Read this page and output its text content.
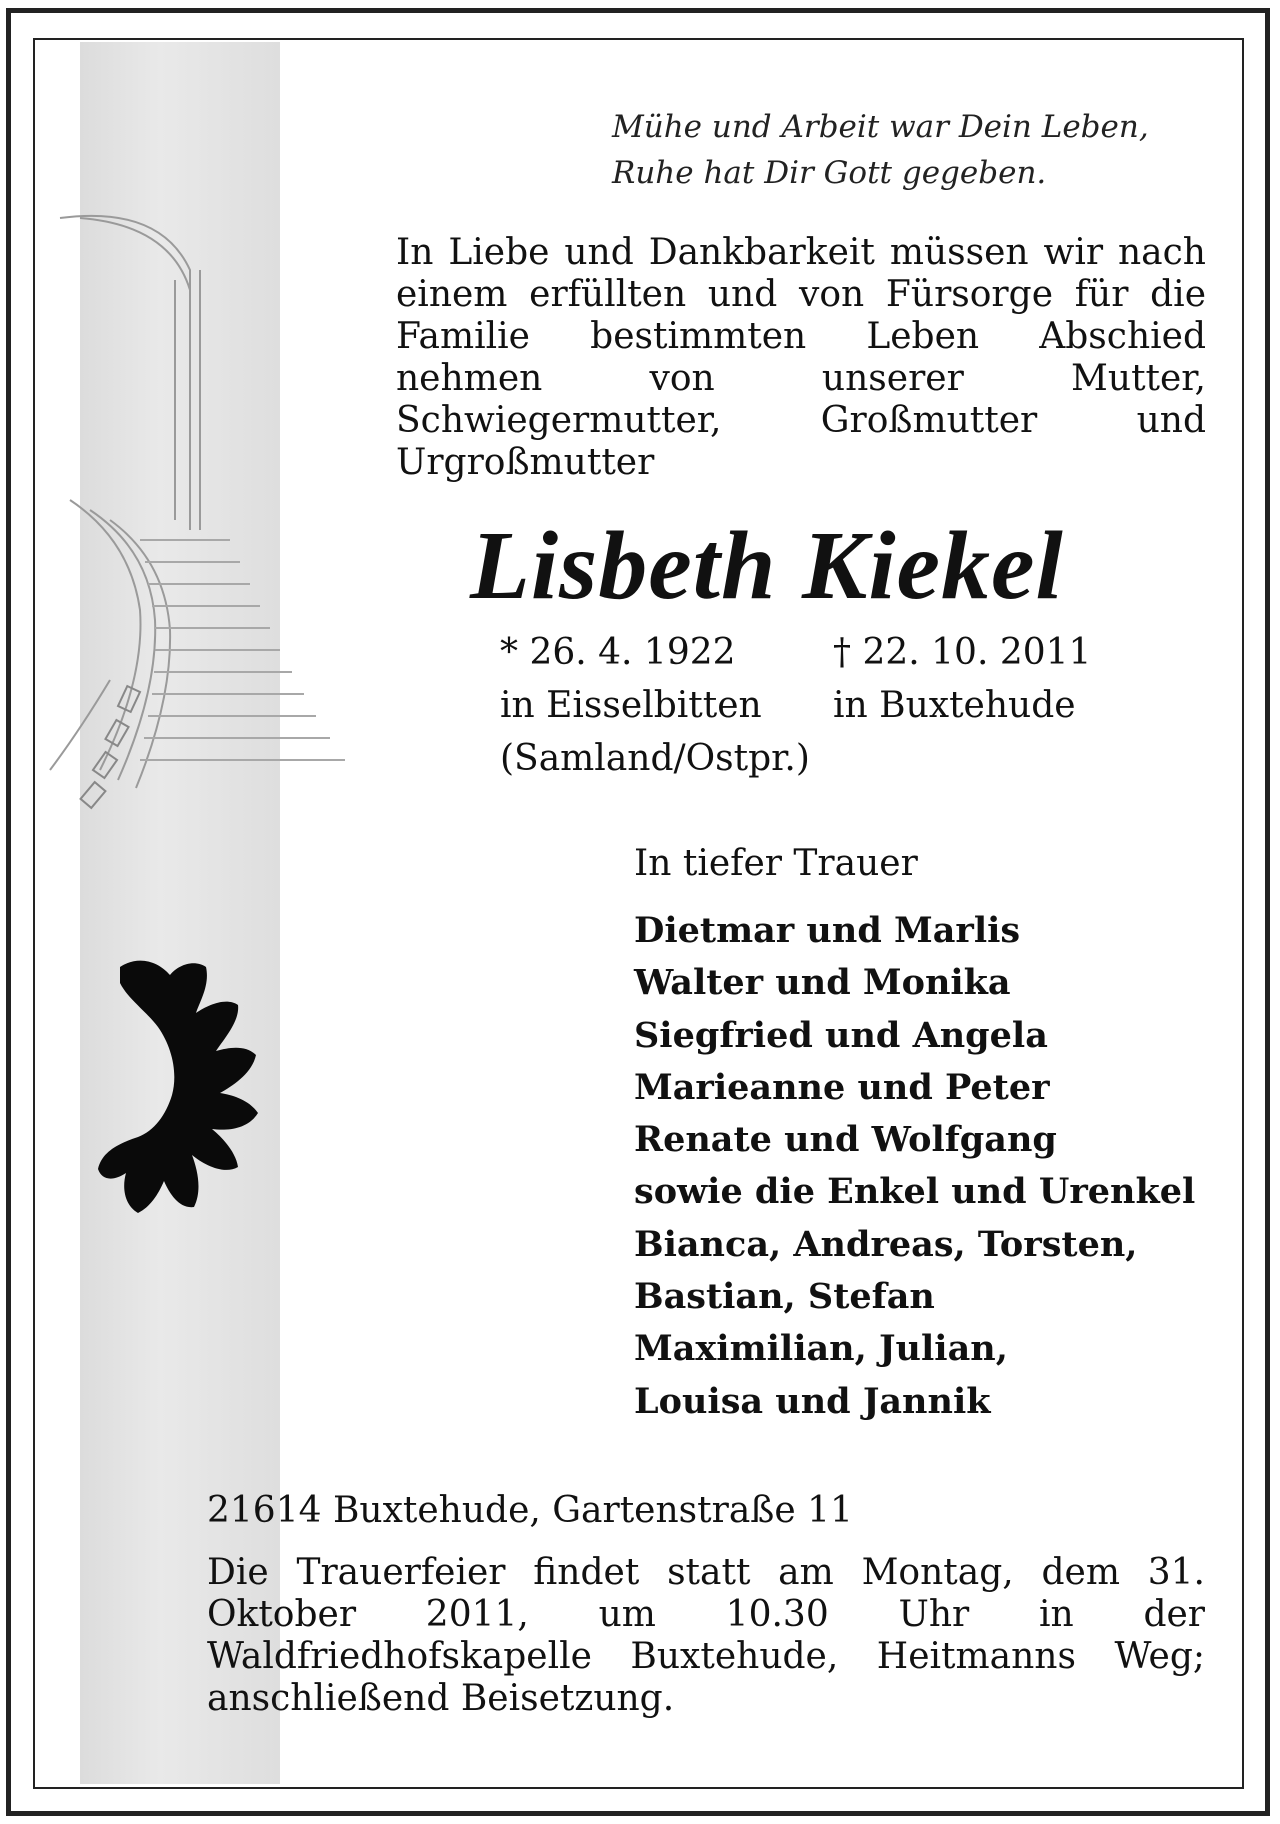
Mühe und Arbeit war Dein Leben,
Ruhe hat Dir Gott gegeben.
In Liebe und Dankbarkeit müssen wir nach einem erfüllten und von Fürsorge für die Familie bestimmten Leben Abschied nehmen von unserer Mutter, Schwiegermutter, Großmutter und Urgroßmutter
Lisbeth Kiekel
* 26. 4. 1922
in Eisselbitten
(Samland/Ostpr.)
† 22. 10. 2011
in Buxtehude
In tiefer Trauer
Dietmar und Marlis
Walter und Monika
Siegfried und Angela
Marieanne und Peter
Renate und Wolfgang
sowie die Enkel und Urenkel
Bianca, Andreas, Torsten,
Bastian, Stefan
Maximilian, Julian,
Louisa und Jannik
21614 Buxtehude, Gartenstraße 11
Die Trauerfeier findet statt am Montag, dem 31. Oktober 2011, um 10.30 Uhr in der Waldfriedhofskapelle Buxtehude, Heitmanns Weg; anschließend Beisetzung.
